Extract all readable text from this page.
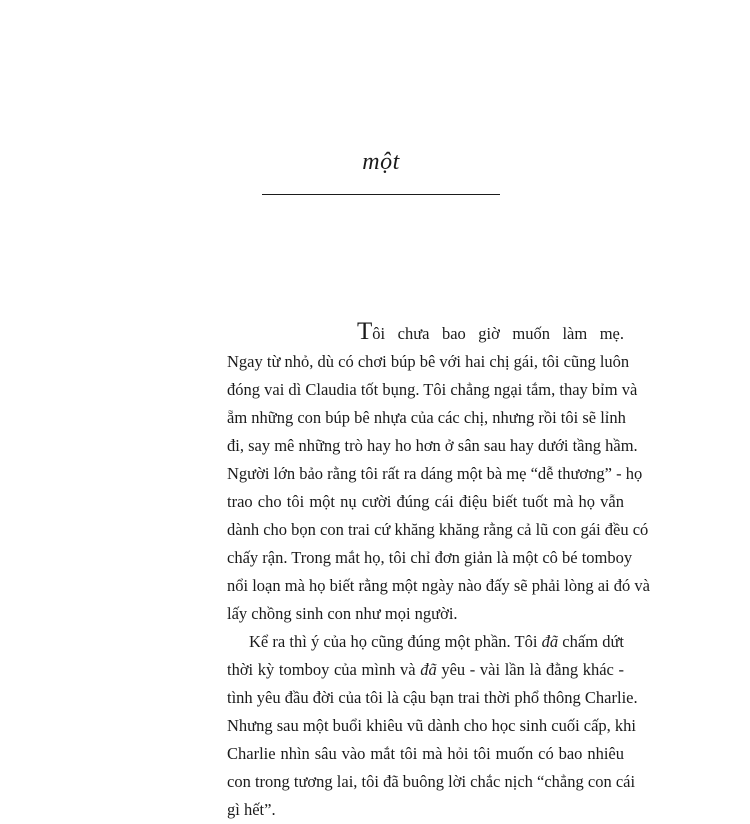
một

Tôi chưa bao giờ muốn làm mẹ.
Ngay từ nhỏ, dù có chơi búp bê với hai chị gái, tôi cũng luôn
đóng vai dì Claudia tốt bụng. Tôi chẳng ngại tắm, thay bỉm và
ẵm những con búp bê nhựa của các chị, nhưng rồi tôi sẽ lỉnh
đi, say mê những trò hay ho hơn ở sân sau hay dưới tầng hầm.
Người lớn bảo rằng tôi rất ra dáng một bà mẹ “dễ thương” - họ
trao cho tôi một nụ cười đúng cái điệu biết tuốt mà họ vẫn
dành cho bọn con trai cứ khăng khăng rằng cả lũ con gái đều có
chấy rận. Trong mắt họ, tôi chỉ đơn giản là một cô bé tomboy
nổi loạn mà họ biết rằng một ngày nào đấy sẽ phải lòng ai đó và
lấy chồng sinh con như mọi người.

Kể ra thì ý của họ cũng đúng một phần. Tôi đã chấm dứt
thời kỳ tomboy của mình và đã yêu - vài lần là đằng khác -
tình yêu đầu đời của tôi là cậu bạn trai thời phổ thông Charlie.
Nhưng sau một buổi khiêu vũ dành cho học sinh cuối cấp, khi
Charlie nhìn sâu vào mắt tôi mà hỏi tôi muốn có bao nhiêu
con trong tương lai, tôi đã buông lời chắc nịch “chẳng con cái
gì hết”.
